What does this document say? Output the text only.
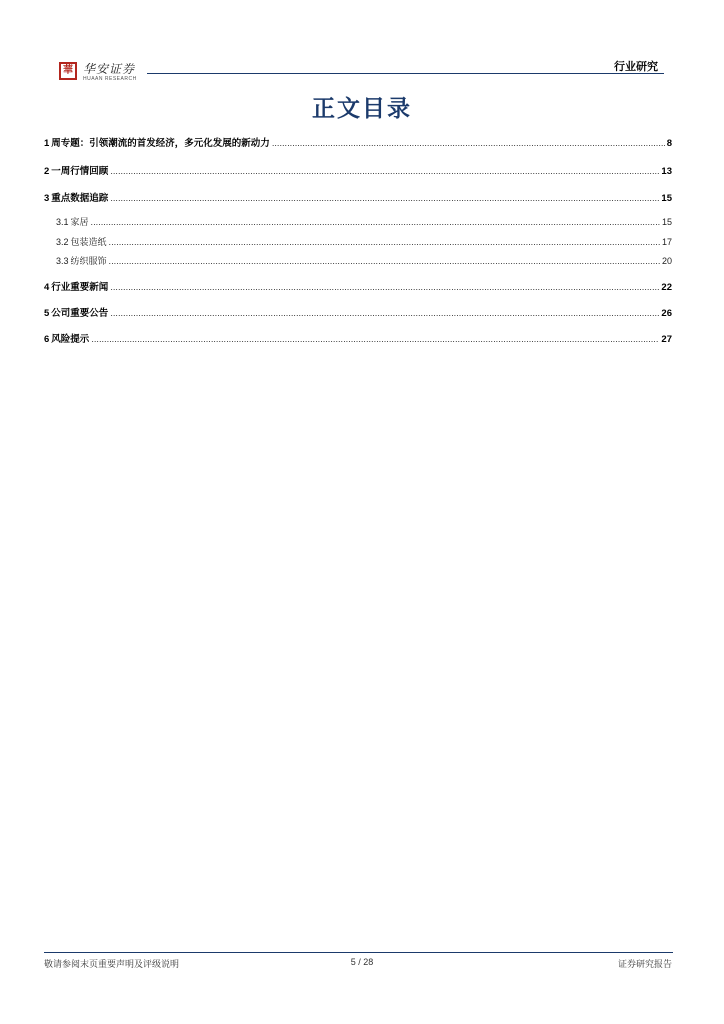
華 华安证券
HUAAN RESEARCH
行业研究
正文目录
1 周专题：引领潮流的首发经济，多元化发展的新动力 .....	8
2 一周行情回顾 .....	13
3 重点数据追踪 .....	15
3.1 家居 .....	15
3.2 包装造纸 .....	17
3.3 纺织服饰 .....	20
4 行业重要新闻 .....	22
5 公司重要公告 .....	26
6 风险提示 .....	27
敬请参阅末页重要声明及评级说明	5 / 28	证券研究报告
